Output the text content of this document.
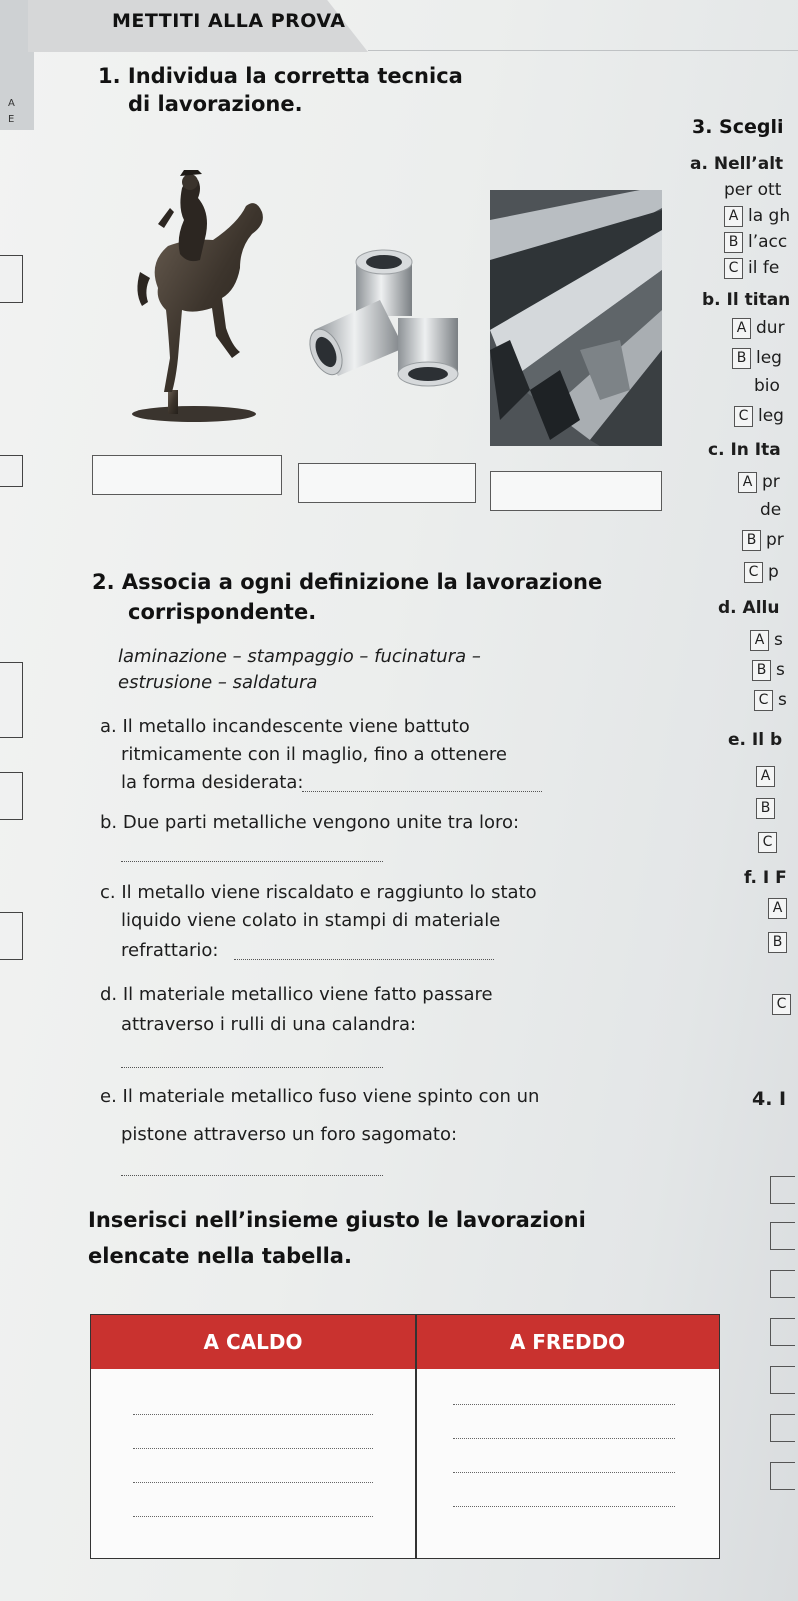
A
E
METTITI ALLA PROVA
1. Individua la corretta tecnica
di lavorazione.
2. Associa a ogni definizione la lavorazione
corrispondente.
laminazione – stampaggio – fucinatura –
estrusione – saldatura
a. Il metallo incandescente viene battuto
ritmicamente con il maglio, fino a ottenere
la forma desiderata:
b. Due parti metalliche vengono unite tra loro:
c. Il metallo viene riscaldato e raggiunto lo stato
liquido viene colato in stampi di materiale
refrattario:
d. Il materiale metallico viene fatto passare
attraverso i rulli di una calandra:
e. Il materiale metallico fuso viene spinto con un
pistone attraverso un foro sagomato:
Inserisci nell’insieme giusto le lavorazioni
elencate nella tabella.
A CALDO	A FREDDO
3. Scegli
a. Nell’alt
per ott
A la gh
B l’acc
C il fe
b. Il titan
A dur
B leg
bio
C leg
c. In Ita
A pr
de
B pr
C p
d. Allu
A s
B s
C s
e. Il b
A
B
C
f. I F
A
B
C
4. I
